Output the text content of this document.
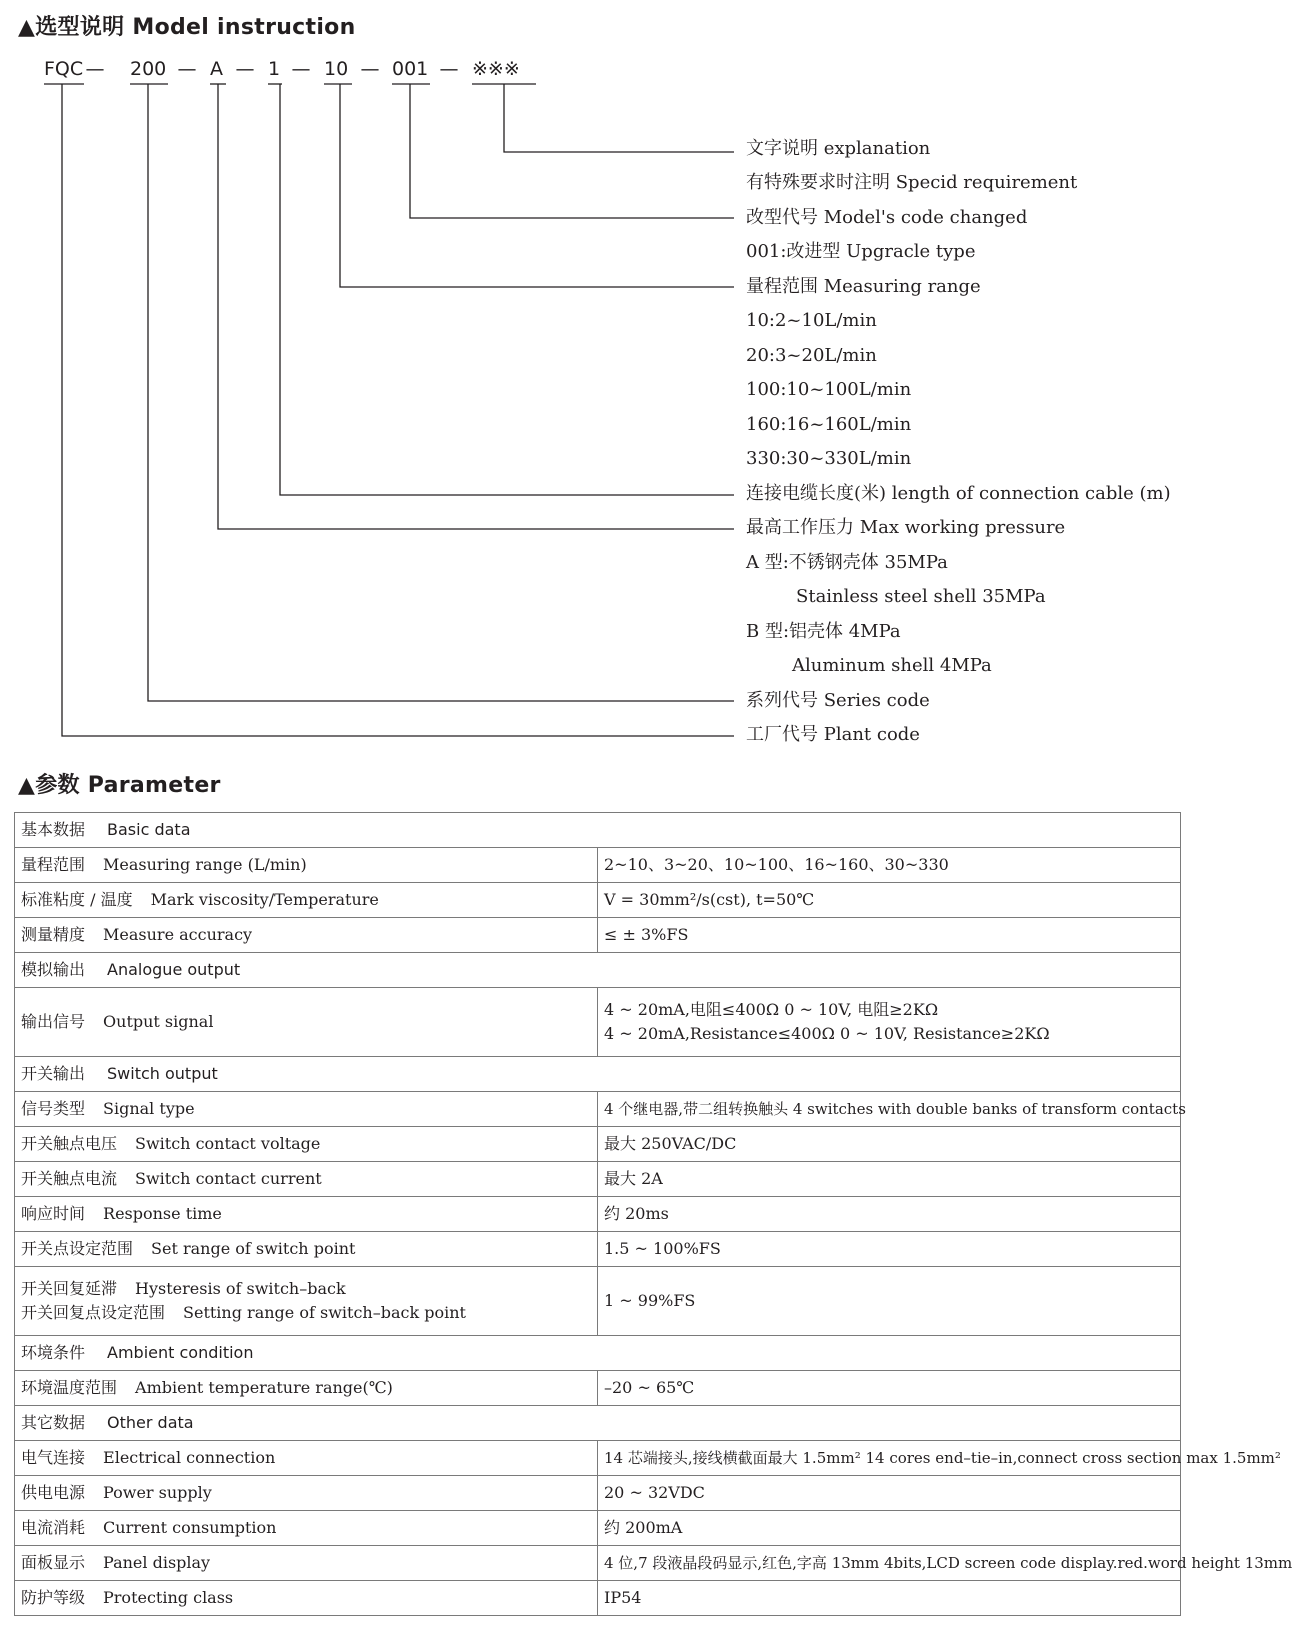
▲选型说明 Model instruction
FQC — 200 — A — 1 — 10 — 001 — ※※※
文字说明 explanation
有特殊要求时注明 Specid requirement
改型代号 Model's code changed
001:改进型 Upgracle type
量程范围 Measuring range
10:2~10L/min
20:3~20L/min
100:10~100L/min
160:16~160L/min
330:30~330L/min
连接电缆长度(米) length of connection cable (m)
最高工作压力 Max working pressure
A 型:不锈钢壳体 35MPa
Stainless steel shell 35MPa
B 型:铝壳体 4MPa
Aluminum shell 4MPa
系列代号 Series code
工厂代号 Plant code
▲参数 Parameter
基本数据 Basic data	
量程范围 Measuring range (L/min)	2~10、3~20、10~100、16~160、30~330
标准粘度 / 温度 Mark viscosity/Temperature	V = 30mm²/s(cst), t=50℃
测量精度 Measure accuracy	≤ ± 3%FS
模拟输出 Analogue output	
输出信号 Output signal	4 ~ 20mA,电阻≤400Ω 0 ~ 10V, 电阻≥2KΩ
4 ~ 20mA,Resistance≤400Ω 0 ~ 10V, Resistance≥2KΩ

开关输出 Switch output	
信号类型 Signal type	4 个继电器,带二组转换触头 4 switches with double banks of transform contacts
开关触点电压 Switch contact voltage	最大 250VAC/DC
开关触点电流 Switch contact current	最大 2A
响应时间 Response time	约 20ms
开关点设定范围 Set range of switch point	1.5 ~ 100%FS

开关回复延滞 Hysteresis of switch–back
开关回复点设定范围 Setting range of switch–back point	1 ~ 99%FS
环境条件 Ambient condition	
环境温度范围 Ambient temperature range(℃)	–20 ~ 65℃
其它数据 Other data	
电气连接 Electrical connection	14 芯端接头,接线横截面最大 1.5mm² 14 cores end–tie–in,connect cross section max 1.5mm²
供电电源 Power supply	20 ~ 32VDC
电流消耗 Current consumption	约 200mA
面板显示 Panel display	4 位,7 段液晶段码显示,红色,字高 13mm 4bits,LCD screen code display.red.word height 13mm
防护等级 Protecting class	IP54
